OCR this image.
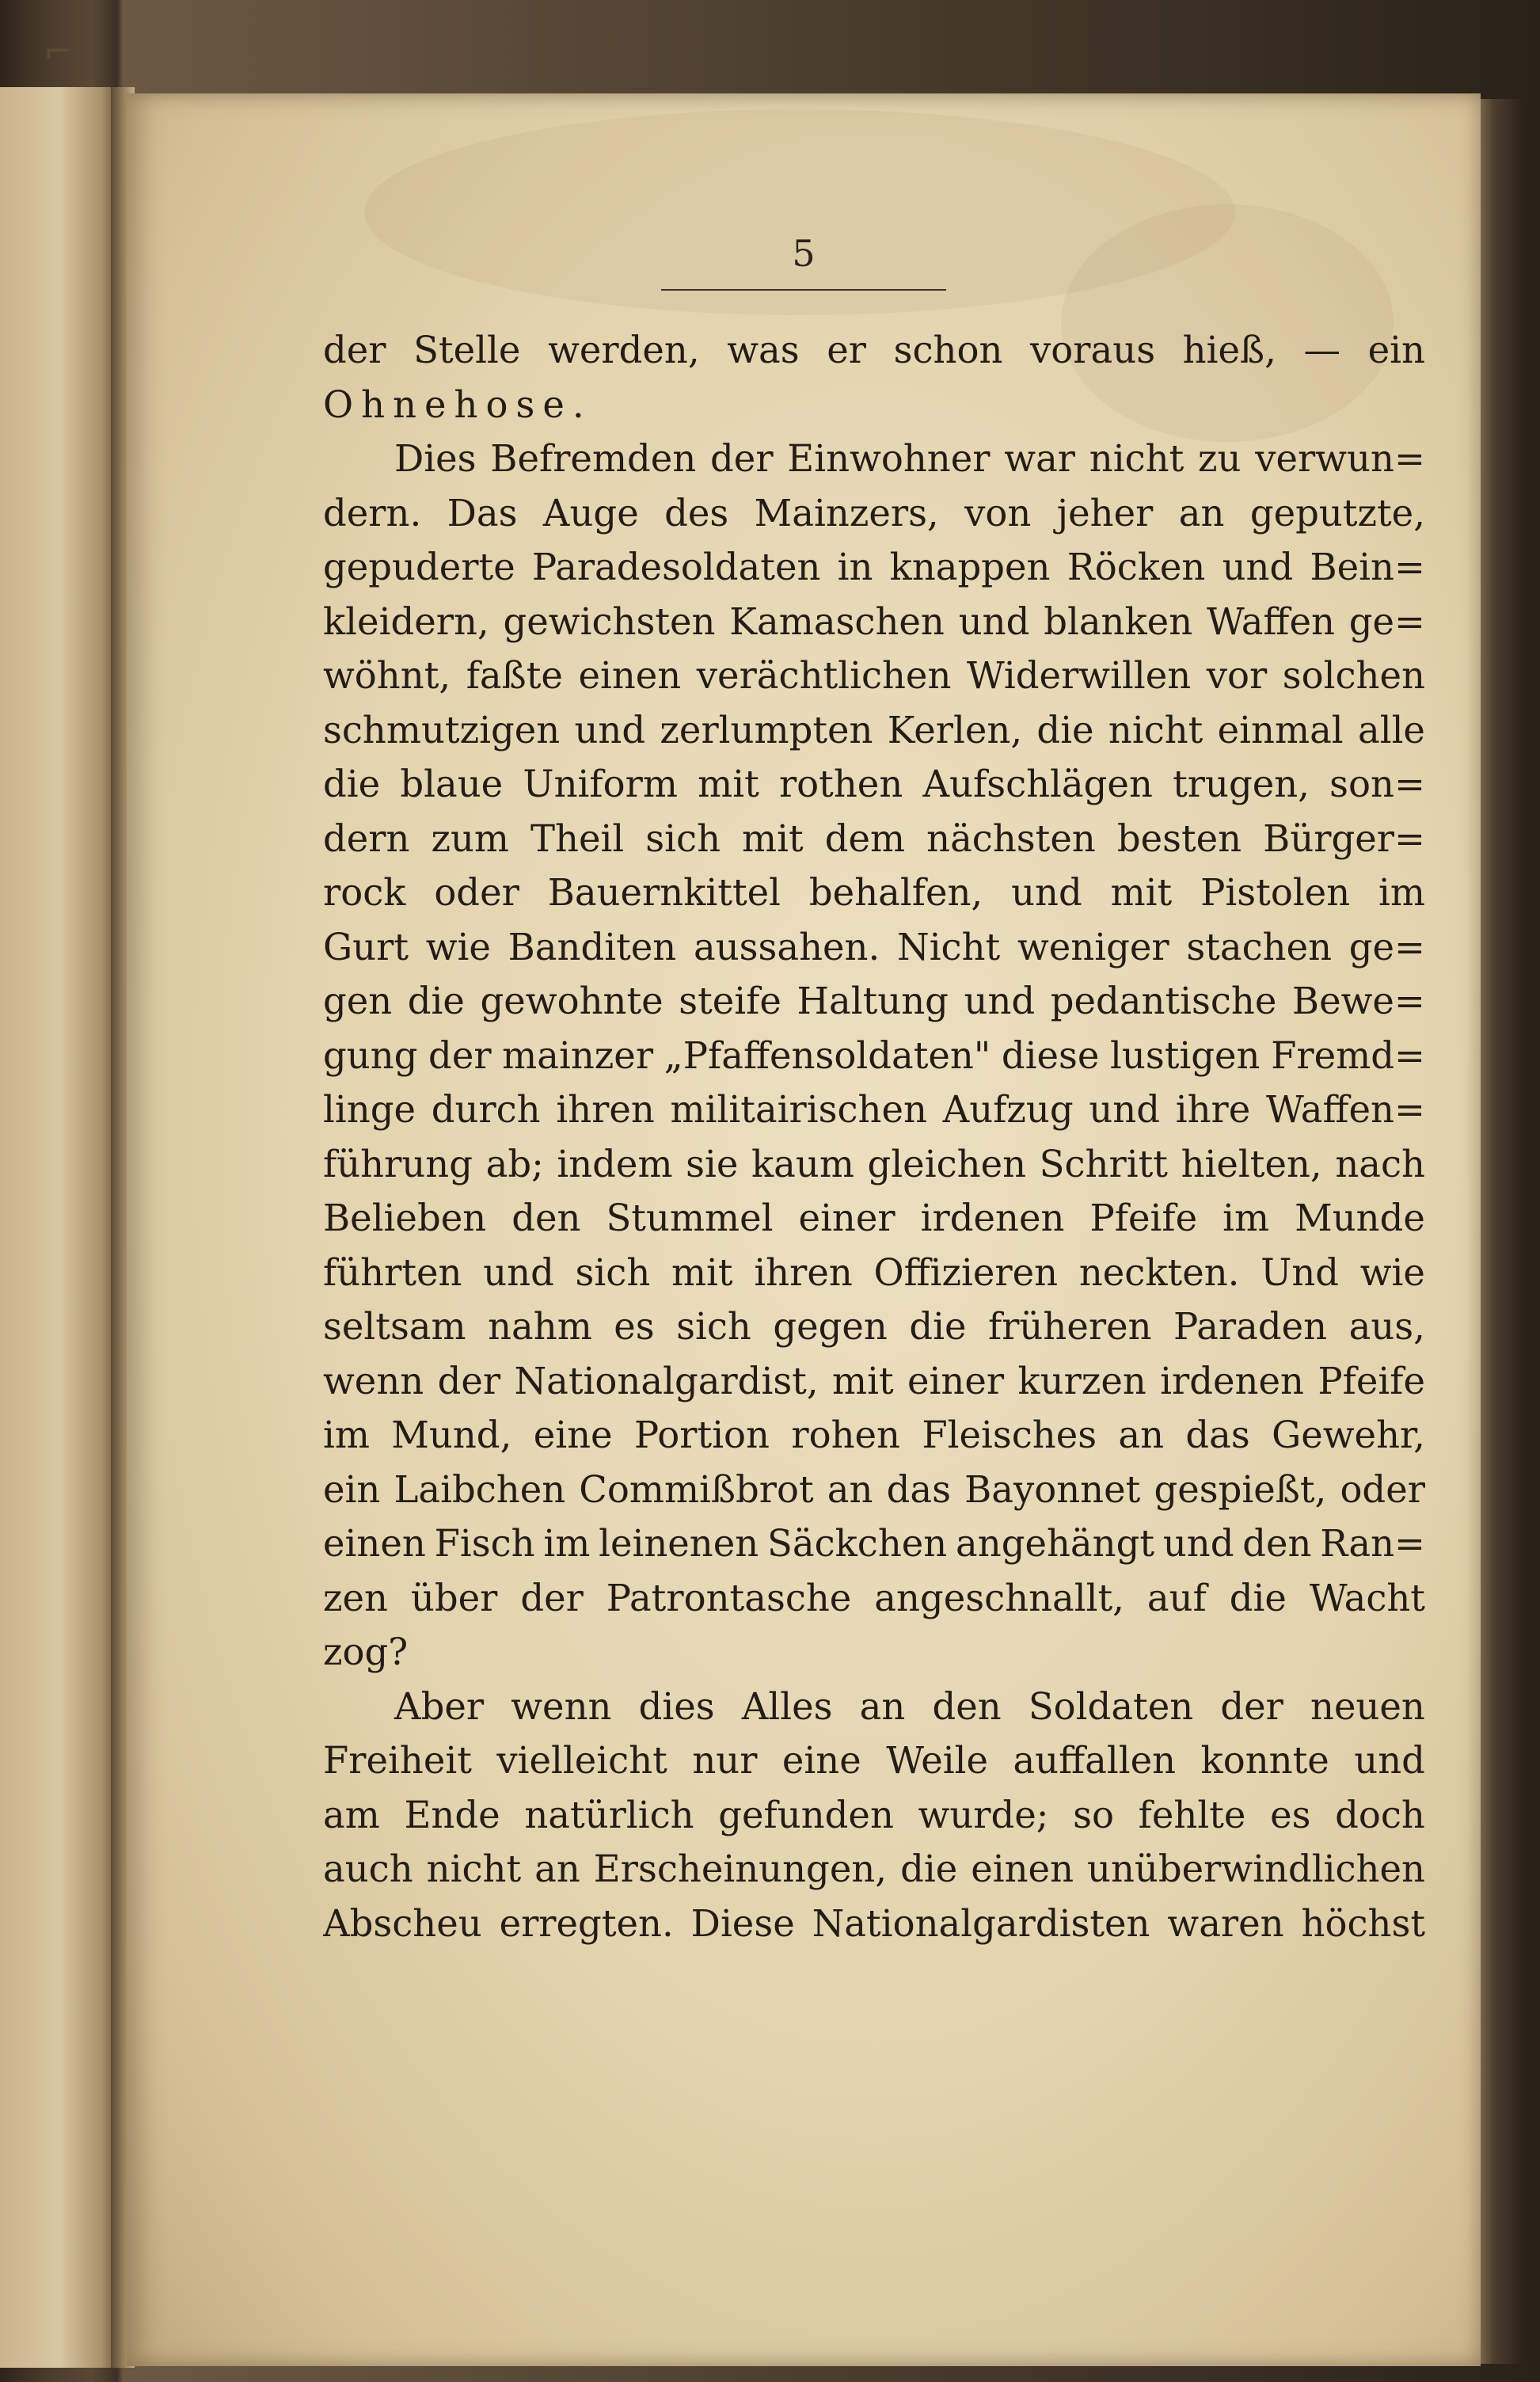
5

der Stelle werden, was er schon voraus hieß, — ein
Ohnehose.
Dies Befremden der Einwohner war nicht zu verwun=
dern. Das Auge des Mainzers, von jeher an geputzte,
gepuderte Paradesoldaten in knappen Röcken und Bein=
kleidern, gewichsten Kamaschen und blanken Waffen ge=
wöhnt, faßte einen verächtlichen Widerwillen vor solchen
schmutzigen und zerlumpten Kerlen, die nicht einmal alle
die blaue Uniform mit rothen Aufschlägen trugen, son=
dern zum Theil sich mit dem nächsten besten Bürger=
rock oder Bauernkittel behalfen, und mit Pistolen im
Gurt wie Banditen aussahen. Nicht weniger stachen ge=
gen die gewohnte steife Haltung und pedantische Bewe=
gung der mainzer „Pfaffensoldaten" diese lustigen Fremd=
linge durch ihren militairischen Aufzug und ihre Waffen=
führung ab; indem sie kaum gleichen Schritt hielten, nach
Belieben den Stummel einer irdenen Pfeife im Munde
führten und sich mit ihren Offizieren neckten. Und wie
seltsam nahm es sich gegen die früheren Paraden aus,
wenn der Nationalgardist, mit einer kurzen irdenen Pfeife
im Mund, eine Portion rohen Fleisches an das Gewehr,
ein Laibchen Commißbrot an das Bayonnet gespießt, oder
einen Fisch im leinenen Säckchen angehängt und den Ran=
zen über der Patrontasche angeschnallt, auf die Wacht
zog?
Aber wenn dies Alles an den Soldaten der neuen
Freiheit vielleicht nur eine Weile auffallen konnte und
am Ende natürlich gefunden wurde; so fehlte es doch
auch nicht an Erscheinungen, die einen unüberwindlichen
Abscheu erregten. Diese Nationalgardisten waren höchst
⌐
